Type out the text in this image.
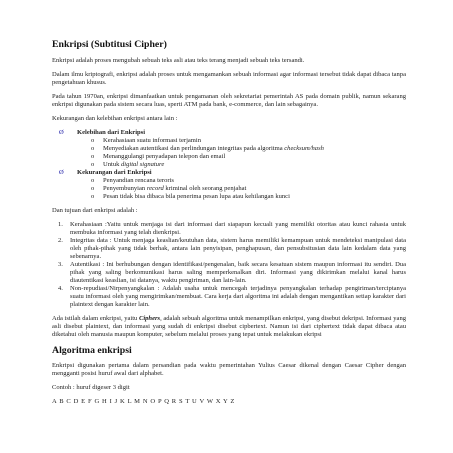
Enkripsi (Subtitusi Cipher)

Enkripsi adalah proses mengubah sebuah teks asli atau teks terang menjadi sebuah teks tersandi.

Dalam ilmu kriptografi, enkripsi adalah proses untuk mengamankan sebuah informasi agar informasi tersebut tidak dapat dibaca tanpa pengetahuan khusus.

Pada tahun 1970an, enkripsi dimanfaatkan untuk pengamanan oleh sekretariat pemerintah AS pada domain publik, namun sekarang enkripsi digunakan pada sistem secara luas, sperti ATM pada bank, e-commerce, dan lain sebagainya.

Kekurangan dan kelebihan enkripsi antara lain :

Ø Kelebihan dari Enkripsi
o Kerahasiaan suatu informasi terjamin
o Menyediakan autentikasi dan perlindungan integritas pada algoritma checksum/hash
o Menanggulangi penyadapan telepon dan email
o Untuk digital signature
Ø Kekurangan dari Enkripsi
o Penyandian rencana teroris
o Penyembunyian record kriminal oleh seorang penjahat
o Pesan tidak bisa dibaca bila penerima pesan lupa atau kehilangan kunci

Dan tujuan dari enkripsi adalah :

1. Kerahasiaan :Yaitu untuk menjaga isi dari informasi dari siapapun kecuali yang memiliki otoritas atau kunci rahasia untuk membuka informasi yang telah dienkripsi.
2. Integritas data : Untuk menjaga keaslian/keutuhan data, sistem harus memiliki kemampuan untuk mendeteksi manipulasi data oleh pihak-pihak yang tidak berhak, antara lain penyisipan, penghapusan, dan pensubsitusian data lain kedalam data yang sebenarnya.
3. Autentikasi : Ini berhubungan dengan identifikasi/pengenalan, baik secara kesatuan sistem maupun informasi itu sendiri. Dua pihak yang saling berkomunikasi harus saling memperkenalkan diri. Informasi yang dikirimkan melalui kanal harus diautentikasi keaslian, isi datanya, waktu pengiriman, dan lain-lain.
4. Non-repudiasi/Nirpenyangkalan : Adalah usaha untuk mencegah terjadinya penyangkalan terhadap pengiriman/terciptanya suatu informasi oleh yang mengirimkan/membuat. Cara kerja dari algoritma ini adalah dengan mengantikan setiap karakter dari plaintext dengan karakter lain.

Ada istilah dalam enkripsi, yaitu Ciphers, adalah sebuah algoritma untuk menampilkan enkripsi, yang disebut dekripsi. Informasi yang asli disebut plaintext, dan informasi yang sudah di enkripsi disebut cipbertext. Namun isi dari ciphertext tidak dapat dibaca atau diketahui oleh manusia maupun komputer, sebelum melalui proses yang tepat untuk melakukan ekripsi

Algoritma enkripsi

Enkripsi digunakan pertama dalam persandian pada waktu pemerintahan Yulius Caesar dikenal dengan Caesar Cipher dengan mengganti posisi huruf awal dari alphabet.

Contoh : huruf digeser 3 digit
A B C D E F G H I J K L M N O P Q R S T U V W X Y Z
